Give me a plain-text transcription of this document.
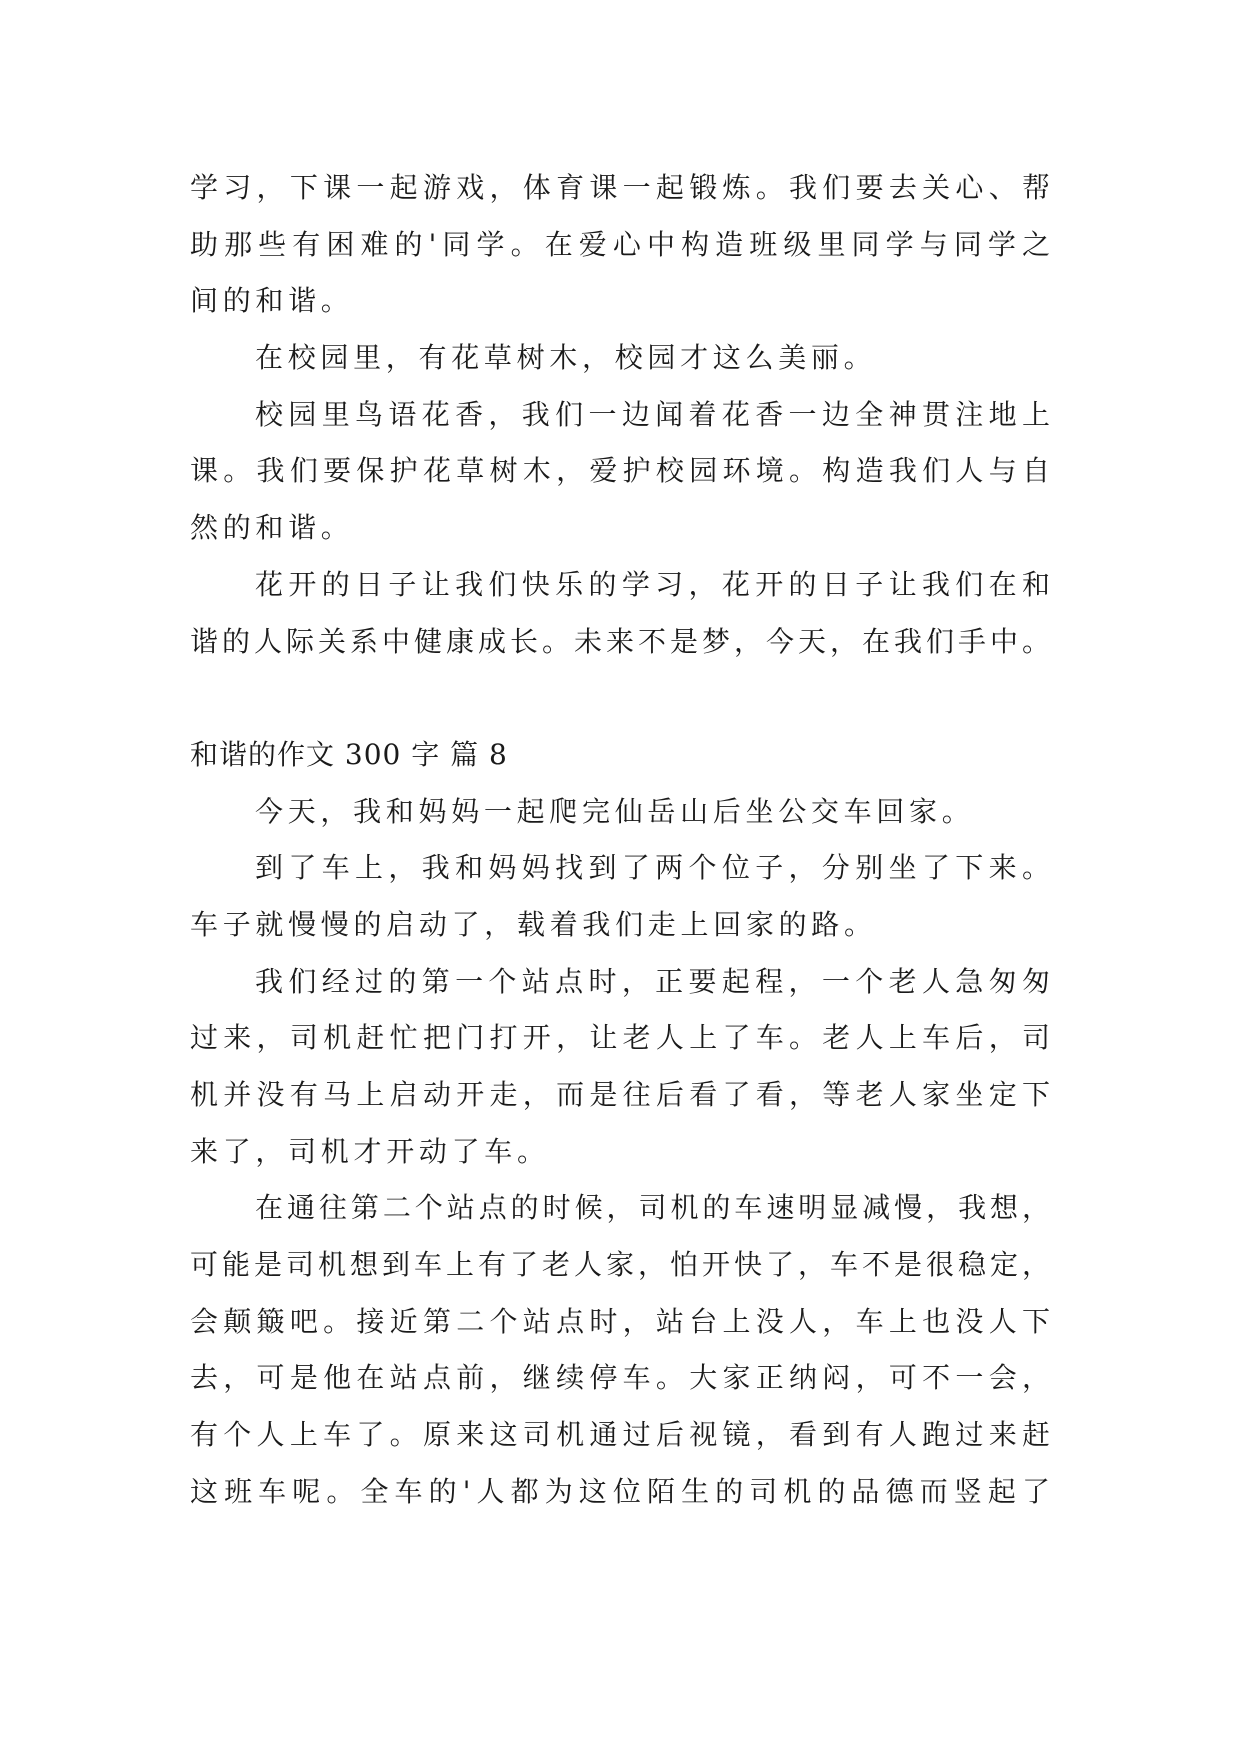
学习，下课一起游戏，体育课一起锻炼。我们要去关心、帮
助那些有困难的'同学。在爱心中构造班级里同学与同学之
间的和谐。
在校园里，有花草树木，校园才这么美丽。
校园里鸟语花香，我们一边闻着花香一边全神贯注地上
课。我们要保护花草树木，爱护校园环境。构造我们人与自
然的和谐。
花开的日子让我们快乐的学习，花开的日子让我们在和
谐的人际关系中健康成长。未来不是梦，今天，在我们手中。
和谐的作文 300 字 篇 8
今天，我和妈妈一起爬完仙岳山后坐公交车回家。
到了车上，我和妈妈找到了两个位子，分别坐了下来。
车子就慢慢的启动了，载着我们走上回家的路。
我们经过的第一个站点时，正要起程，一个老人急匆匆
过来，司机赶忙把门打开，让老人上了车。老人上车后，司
机并没有马上启动开走，而是往后看了看，等老人家坐定下
来了，司机才开动了车。
在通往第二个站点的时候，司机的车速明显减慢，我想，
可能是司机想到车上有了老人家，怕开快了，车不是很稳定，
会颠簸吧。接近第二个站点时，站台上没人，车上也没人下
去，可是他在站点前，继续停车。大家正纳闷，可不一会，
有个人上车了。原来这司机通过后视镜，看到有人跑过来赶
这班车呢。全车的'人都为这位陌生的司机的品德而竖起了
